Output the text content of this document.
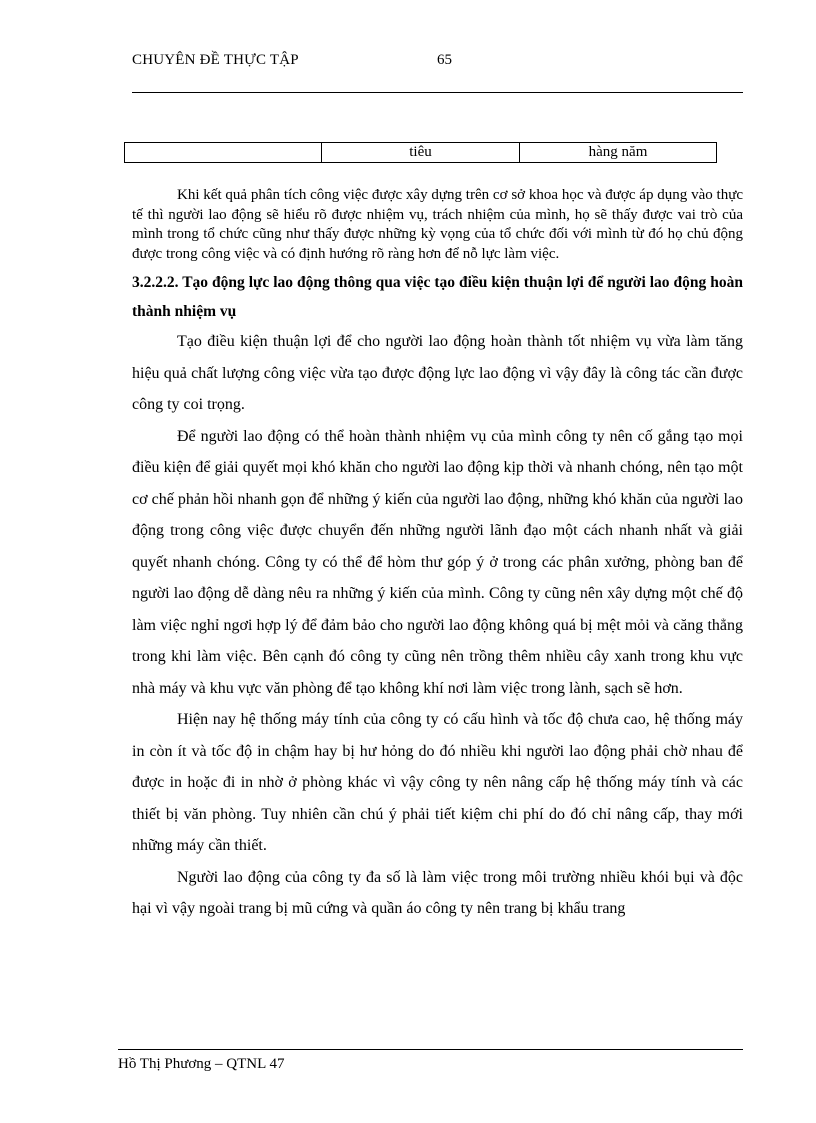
CHUYÊN ĐỀ THỰC TẬP	65
	tiêu	hàng năm

Khi kết quả phân tích công việc được xây dựng trên cơ sở khoa học và được áp dụng vào thực tế thì người lao động sẽ hiểu rõ được nhiệm vụ, trách nhiệm của mình, họ sẽ thấy được vai trò của mình trong tổ chức cũng như thấy được những kỳ vọng của tổ chức đối với mình từ đó họ chủ động được trong công việc và có định hướng rõ ràng hơn để nỗ lực làm việc.

3.2.2.2. Tạo động lực lao động thông qua việc tạo điều kiện thuận lợi để người lao động hoàn thành nhiệm vụ

Tạo điều kiện thuận lợi để cho người lao động hoàn thành tốt nhiệm vụ vừa làm tăng hiệu quả chất lượng công việc vừa tạo được động lực lao động vì vậy đây là công tác cần được công ty coi trọng.

Để người lao động có thể hoàn thành nhiệm vụ của mình công ty nên cố gắng tạo mọi điều kiện để giải quyết mọi khó khăn cho người lao động kịp thời và nhanh chóng, nên tạo một cơ chế phản hồi nhanh gọn để những ý kiến của người lao động, những khó khăn của người lao động trong công việc được chuyển đến những người lãnh đạo một cách nhanh nhất và giải quyết nhanh chóng. Công ty có thể để hòm thư góp ý ở trong các phân xưởng, phòng ban để người lao động dễ dàng nêu ra những ý kiến của mình. Công ty cũng nên xây dựng một chế độ làm việc nghỉ ngơi hợp lý để đảm bảo cho người lao động không quá bị mệt mỏi và căng thẳng trong khi làm việc. Bên cạnh đó công ty cũng nên trồng thêm nhiều cây xanh trong khu vực nhà máy và khu vực văn phòng để tạo không khí nơi làm việc trong lành, sạch sẽ hơn.

Hiện nay hệ thống máy tính của công ty có cấu hình và tốc độ chưa cao, hệ thống máy in còn ít và tốc độ in chậm hay bị hư hỏng do đó nhiều khi người lao động phải chờ nhau để được in hoặc đi in nhờ ở phòng khác vì vậy công ty nên nâng cấp hệ thống máy tính và các thiết bị văn phòng. Tuy nhiên cần chú ý phải tiết kiệm chi phí do đó chỉ nâng cấp, thay mới những máy cần thiết.

Người lao động của công ty đa số là làm việc trong môi trường nhiều khói bụi và độc hại vì vậy ngoài trang bị mũ cứng và quần áo công ty nên trang bị khẩu trang

Hồ Thị Phương – QTNL 47
